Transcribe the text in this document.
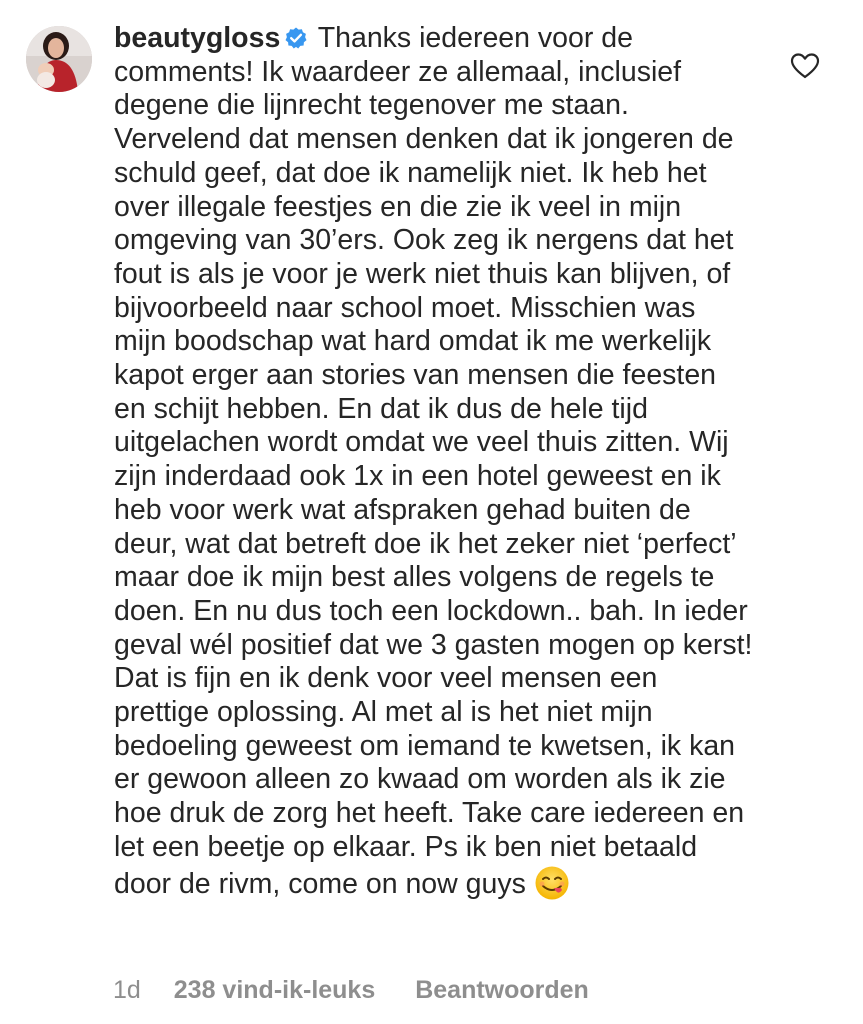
beautygloss Thanks iedereen voor de comments! Ik waardeer ze allemaal, inclusief degene die lijnrecht tegenover me staan. Vervelend dat mensen denken dat ik jongeren de schuld geef, dat doe ik namelijk niet. Ik heb het over illegale feestjes en die zie ik veel in mijn omgeving van 30’ers. Ook zeg ik nergens dat het fout is als je voor je werk niet thuis kan blijven, of bijvoorbeeld naar school moet. Misschien was mijn boodschap wat hard omdat ik me werkelijk kapot erger aan stories van mensen die feesten en schijt hebben. En dat ik dus de hele tijd uitgelachen wordt omdat we veel thuis zitten. Wij zijn inderdaad ook 1x in een hotel geweest en ik heb voor werk wat afspraken gehad buiten de deur, wat dat betreft doe ik het zeker niet ‘perfect’ maar doe ik mijn best alles volgens de regels te doen. En nu dus toch een lockdown.. bah. In ieder geval wél positief dat we 3 gasten mogen op kerst! Dat is fijn en ik denk voor veel mensen een prettige oplossing. Al met al is het niet mijn bedoeling geweest om iemand te kwetsen, ik kan er gewoon alleen zo kwaad om worden als ik zie hoe druk de zorg het heeft. Take care iedereen en let een beetje op elkaar. Ps ik ben niet betaald door de rivm, come on now guys
1d 238 vind-ik-leuks Beantwoorden
